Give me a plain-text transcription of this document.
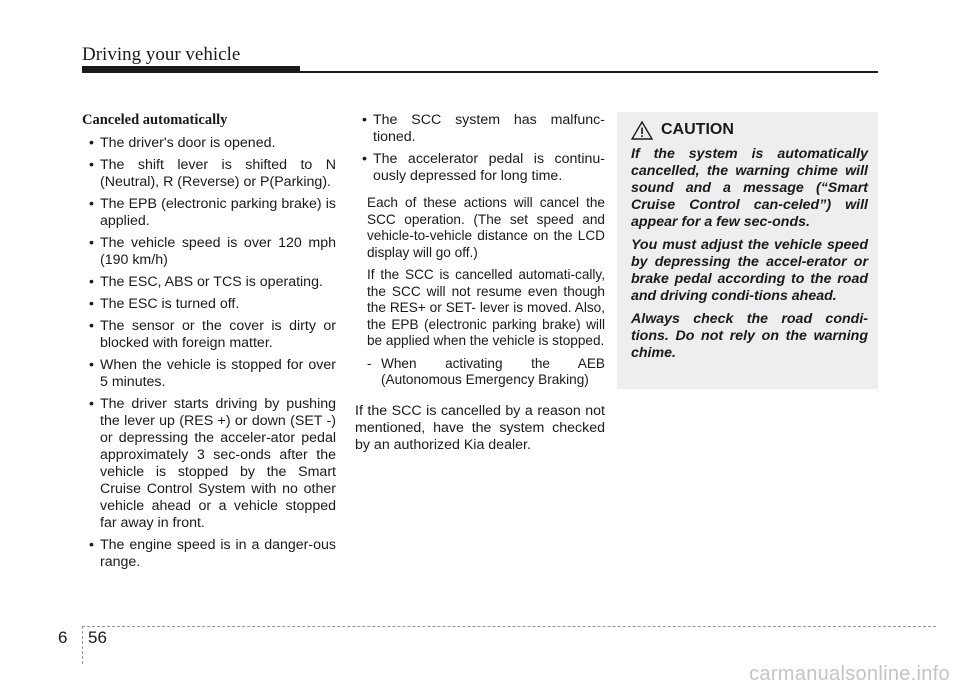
Driving your vehicle
Canceled automatically
• The driver's door is opened.
• The shift lever is shifted to N (Neutral), R (Reverse) or P(Parking).
• The EPB (electronic parking brake) is applied.
• The vehicle speed is over 120 mph (190 km/h)
• The ESC, ABS or TCS is operating.
• The ESC is turned off.
• The sensor or the cover is dirty or blocked with foreign matter.
• When the vehicle is stopped for over 5 minutes.
• The driver starts driving by pushing the lever up (RES +) or down (SET -) or depressing the acceler-ator pedal approximately 3 sec-onds after the vehicle is stopped by the Smart Cruise Control System with no other vehicle ahead or a vehicle stopped far away in front.
• The engine speed is in a danger-ous range.
• The SCC system has malfunc-tioned.
• The accelerator pedal is continu-ously depressed for long time.

Each of these actions will cancel the SCC operation. (The set speed and vehicle-to-vehicle distance on the LCD display will go off.)

If the SCC is cancelled automati-cally, the SCC will not resume even though the RES+ or SET- lever is moved. Also, the EPB (electronic parking brake) will be applied when the vehicle is stopped.

- When activating the AEB (Autonomous Emergency Braking)

If the SCC is cancelled by a reason not mentioned, have the system checked by an authorized Kia dealer.

CAUTION

If the system is automatically cancelled, the warning chime will sound and a message (“Smart Cruise Control can-celed”) will appear for a few sec-onds.

You must adjust the vehicle speed by depressing the accel-erator or brake pedal according to the road and driving condi-tions ahead.

Always check the road condi-tions. Do not rely on the warning chime.

6 56
carmanualsonline.info
